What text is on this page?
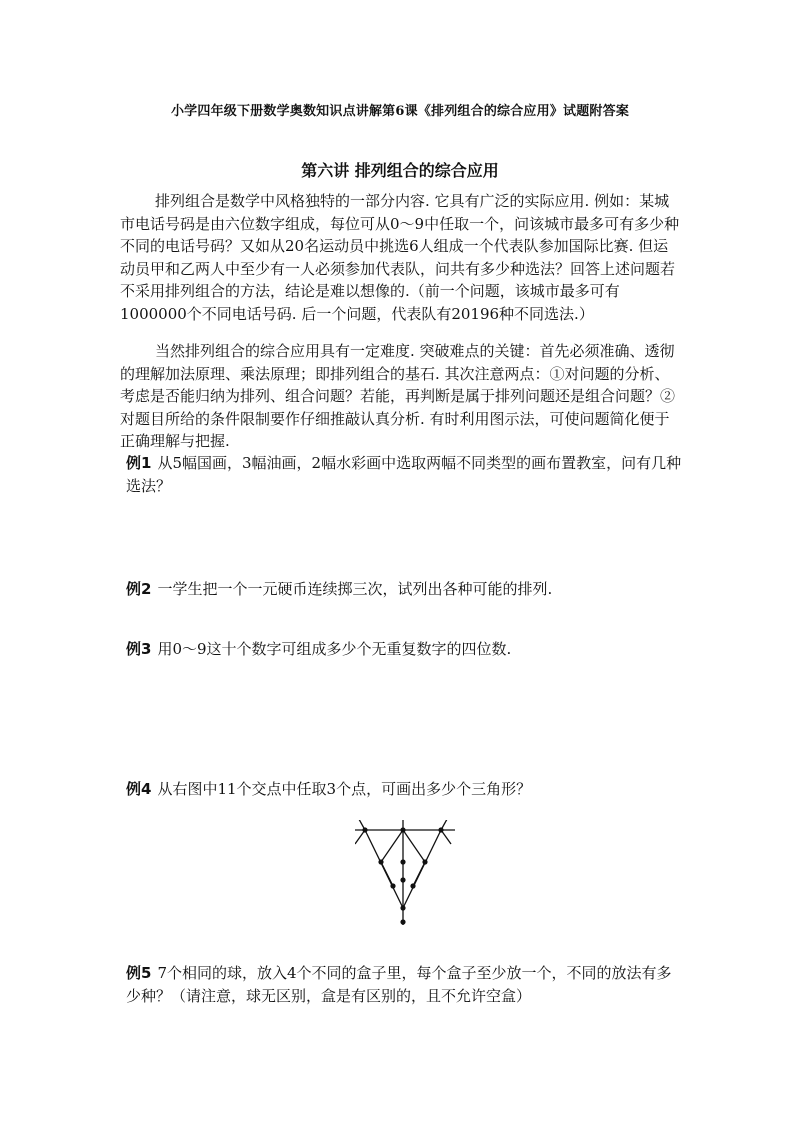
小学四年级下册数学奥数知识点讲解第6课《排列组合的综合应用》试题附答案
第六讲 排列组合的综合应用
排列组合是数学中风格独特的一部分内容. 它具有广泛的实际应用. 例如：某城市电话号码是由六位数字组成，每位可从0～9中任取一个，问该城市最多可有多少种不同的电话号码？又如从20名运动员中挑选6人组成一个代表队参加国际比赛. 但运动员甲和乙两人中至少有一人必须参加代表队，问共有多少种选法？回答上述问题若不采用排列组合的方法，结论是难以想像的.（前一个问题，该城市最多可有1000000个不同电话号码. 后一个问题，代表队有20196种不同选法.）
当然排列组合的综合应用具有一定难度. 突破难点的关键：首先必须准确、透彻的理解加法原理、乘法原理；即排列组合的基石. 其次注意两点：①对问题的分析、考虑是否能归纳为排列、组合问题？若能，再判断是属于排列问题还是组合问题？②对题目所给的条件限制要作仔细推敲认真分析. 有时利用图示法，可使问题简化便于正确理解与把握.
例1 从5幅国画，3幅油画，2幅水彩画中选取两幅不同类型的画布置教室，问有几种选法？
例2 一学生把一个一元硬币连续掷三次，试列出各种可能的排列.
例3 用0～9这十个数字可组成多少个无重复数字的四位数.
例4 从右图中11个交点中任取3个点，可画出多少个三角形？
例5 7个相同的球，放入4个不同的盒子里，每个盒子至少放一个，不同的放法有多少种？（请注意，球无区别，盒是有区别的，且不允许空盒）
